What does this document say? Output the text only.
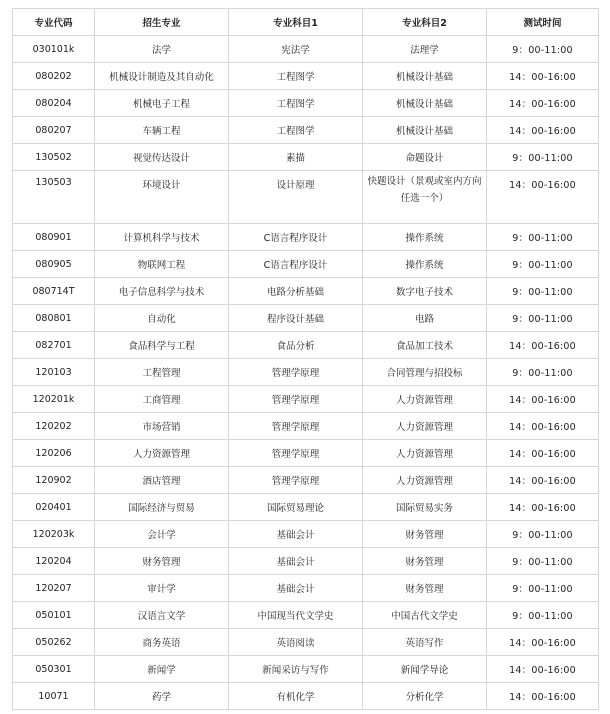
专业代码	招生专业	专业科目1	专业科目2	测试时间
030101k	法学	宪法学	法理学	9：00-11:00
080202	机械设计制造及其自动化	工程图学	机械设计基础	14：00-16:00
080204	机械电子工程	工程图学	机械设计基础	14：00-16:00
080207	车辆工程	工程图学	机械设计基础	14：00-16:00
130502	视觉传达设计	素描	命题设计	9：00-11:00
130503	环境设计	设计原理	快题设计（景观或室内方向任选一个）	14：00-16:00
080901	计算机科学与技术	C语言程序设计	操作系统	9：00-11:00
080905	物联网工程	C语言程序设计	操作系统	9：00-11:00
080714T	电子信息科学与技术	电路分析基础	数字电子技术	9：00-11:00
080801	自动化	程序设计基础	电路	9：00-11:00
082701	食品科学与工程	食品分析	食品加工技术	14：00-16:00
120103	工程管理	管理学原理	合同管理与招投标	9：00-11:00
120201k	工商管理	管理学原理	人力资源管理	14：00-16:00
120202	市场营销	管理学原理	人力资源管理	14：00-16:00
120206	人力资源管理	管理学原理	人力资源管理	14：00-16:00
120902	酒店管理	管理学原理	人力资源管理	14：00-16:00
020401	国际经济与贸易	国际贸易理论	国际贸易实务	14：00-16:00
120203k	会计学	基础会计	财务管理	9：00-11:00
120204	财务管理	基础会计	财务管理	9：00-11:00
120207	审计学	基础会计	财务管理	9：00-11:00
050101	汉语言文学	中国现当代文学史	中国古代文学史	9：00-11:00
050262	商务英语	英语阅读	英语写作	14：00-16:00
050301	新闻学	新闻采访与写作	新闻学导论	14：00-16:00
10071	药学	有机化学	分析化学	14：00-16:00
